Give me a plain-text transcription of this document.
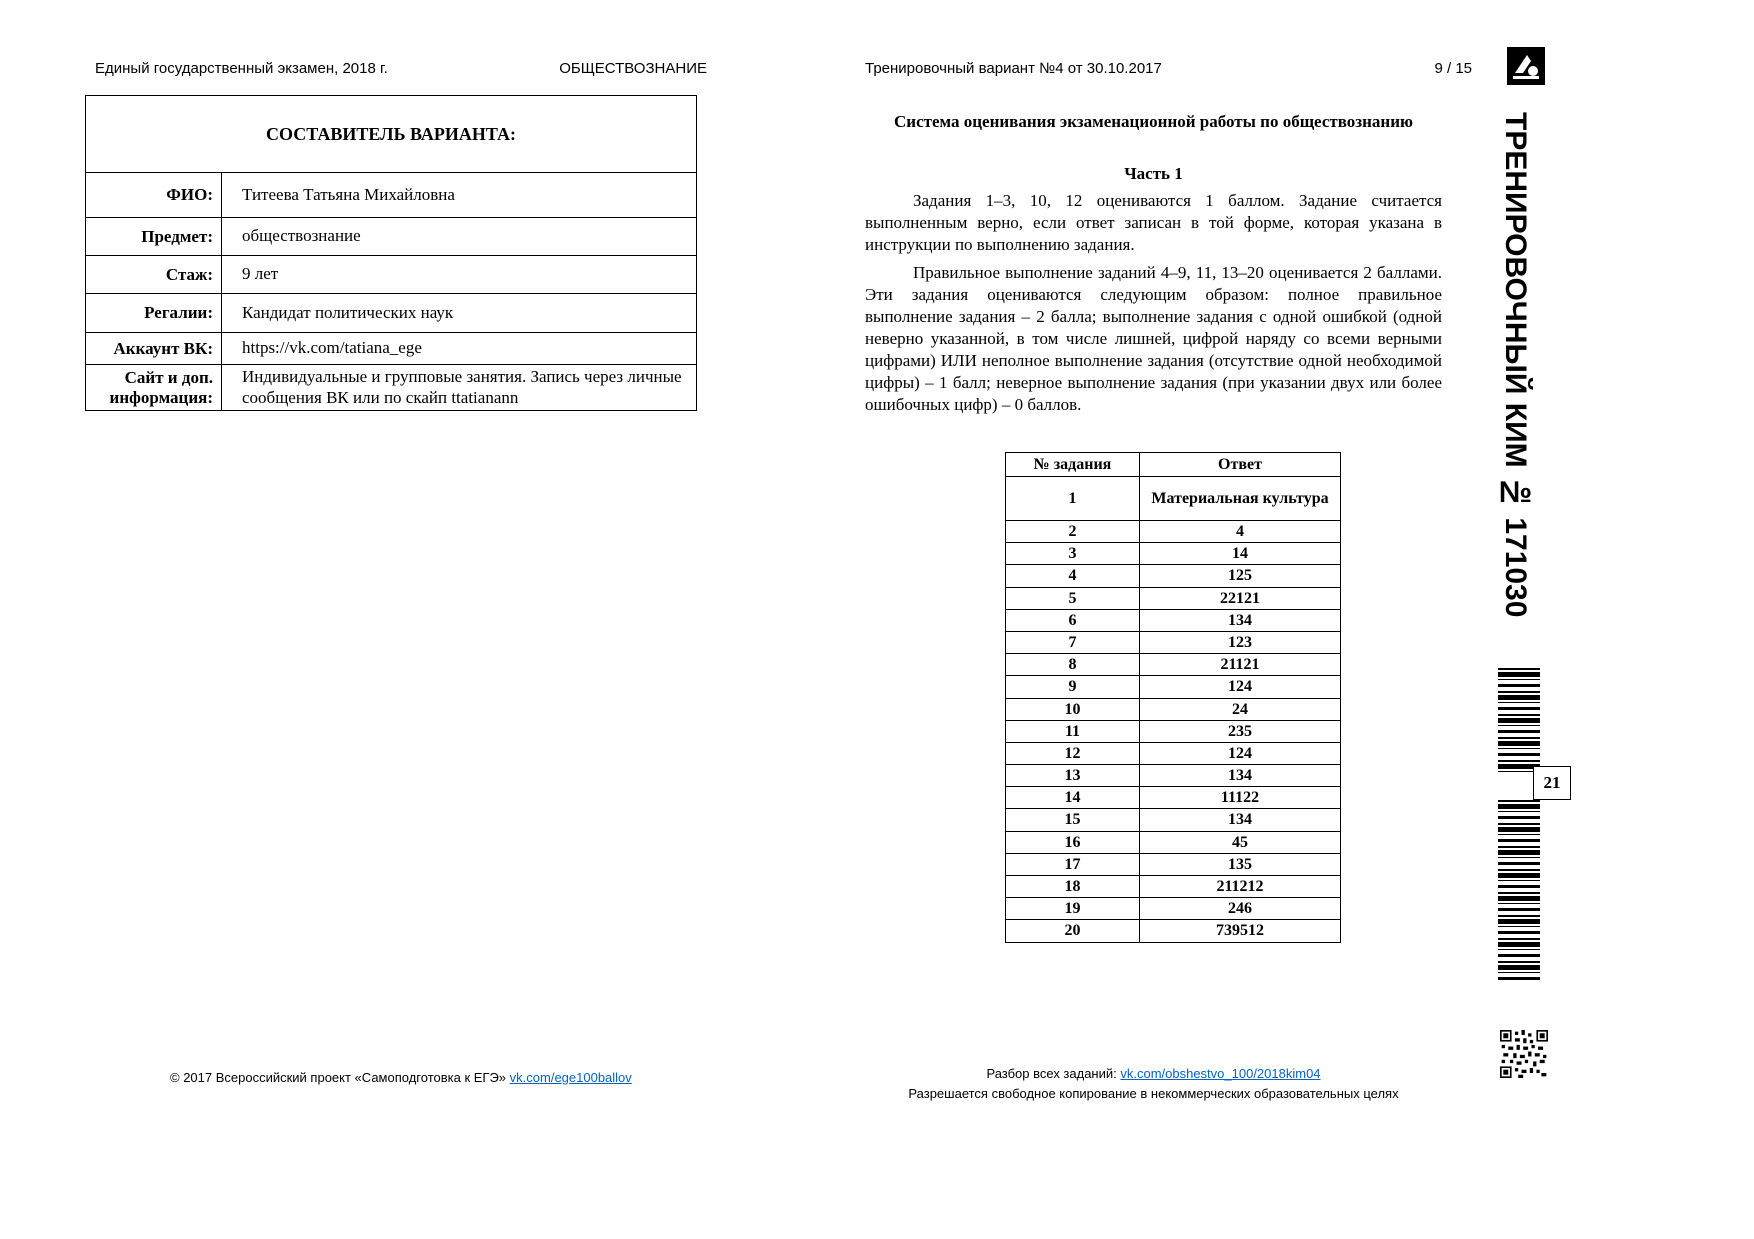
Единый государственный экзамен, 2018 г.	ОБЩЕСТВОЗНАНИЕ	Тренировочный вариант №4 от 30.10.2017	9 / 15
СОСТАВИТЕЛЬ ВАРИАНТА:	
ФИО:	Титеева Татьяна Михайловна
Предмет:	обществознание
Стаж:	9 лет
Регалии:	Кандидат политических наук
Аккаунт ВК:	https://vk.com/tatiana_ege
Сайт и доп. информация:	Индивидуальные и групповые занятия. Запись через личные сообщения ВК или по скайп ttatianann
Система оценивания экзаменационной работы по обществознанию
Часть 1

Задания 1–3, 10, 12 оцениваются 1 баллом. Задание считается выполненным верно, если ответ записан в той форме, которая указана в инструкции по выполнению задания.

Правильное выполнение заданий 4–9, 11, 13–20 оценивается 2 баллами. Эти задания оцениваются следующим образом: полное правильное выполнение задания – 2 балла; выполнение задания с одной ошибкой (одной неверно указанной, в том числе лишней, цифрой наряду со всеми верными цифрами) ИЛИ неполное выполнение задания (отсутствие одной необходимой цифры) – 1 балл; неверное выполнение задания (при указании двух или более ошибочных цифр) – 0 баллов.

№ задания	Ответ
1	Материальная культура
2	4
3	14
4	125
5	22121
6	134
7	123
8	21121
9	124
10	24
11	235
12	124
13	134
14	11122
15	134
16	45
17	135
18	211212
19	246
20	739512
© 2017 Всероссийский проект «Самоподготовка к ЕГЭ» vk.com/ege100ballov	Разбор всех заданий: vk.com/obshestvo_100/2018kim04
Разрешается свободное копирование в некоммерческих образовательных целях
ТРЕНИРОВОЧНЫЙ КИМ № 171030
21
